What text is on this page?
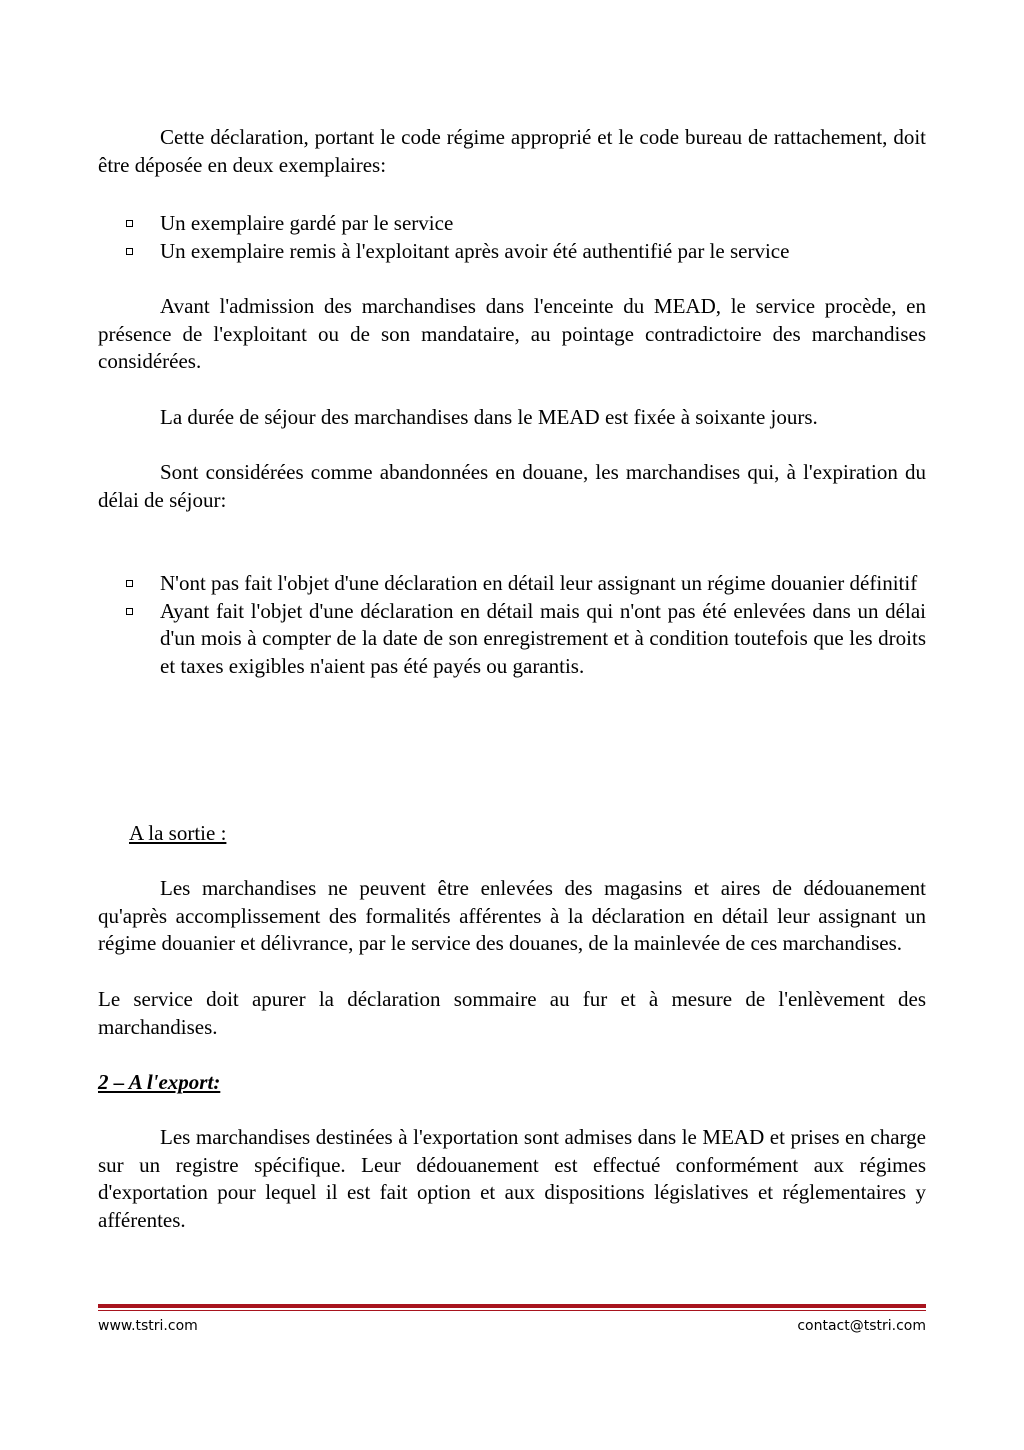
Cette déclaration, portant le code régime approprié et le code bureau de rattachement, doit être déposée en deux exemplaires:

Un exemplaire gardé par le service
Un exemplaire remis à l'exploitant après avoir été authentifié par le service

Avant l'admission des marchandises dans l'enceinte du MEAD, le service procède, en présence de l'exploitant ou de son mandataire, au pointage contradictoire des marchandises considérées.

La durée de séjour des marchandises dans le MEAD est fixée à soixante jours.

Sont considérées comme abandonnées en douane, les marchandises qui, à l'expiration du délai de séjour:

N'ont pas fait l'objet d'une déclaration en détail leur assignant un régime douanier définitif
Ayant fait l'objet d'une déclaration en détail mais qui n'ont pas été enlevées dans un délai d'un mois à compter de la date de son enregistrement et à condition toutefois que les droits et taxes exigibles n'aient pas été payés ou garantis.

A la sortie :

Les marchandises ne peuvent être enlevées des magasins et aires de dédouanement qu'après accomplissement des formalités afférentes à la déclaration en détail leur assignant un régime douanier et délivrance, par le service des douanes, de la mainlevée de ces marchandises.

Le service doit apurer la déclaration sommaire au fur et à mesure de l'enlèvement des marchandises.

2 – A l'export:

Les marchandises destinées à l'exportation sont admises dans le MEAD et prises en charge sur un registre spécifique. Leur dédouanement est effectué conformément aux régimes d'exportation pour lequel il est fait option et aux dispositions législatives et réglementaires y afférentes.

www.tstri.com	contact@tstri.com
